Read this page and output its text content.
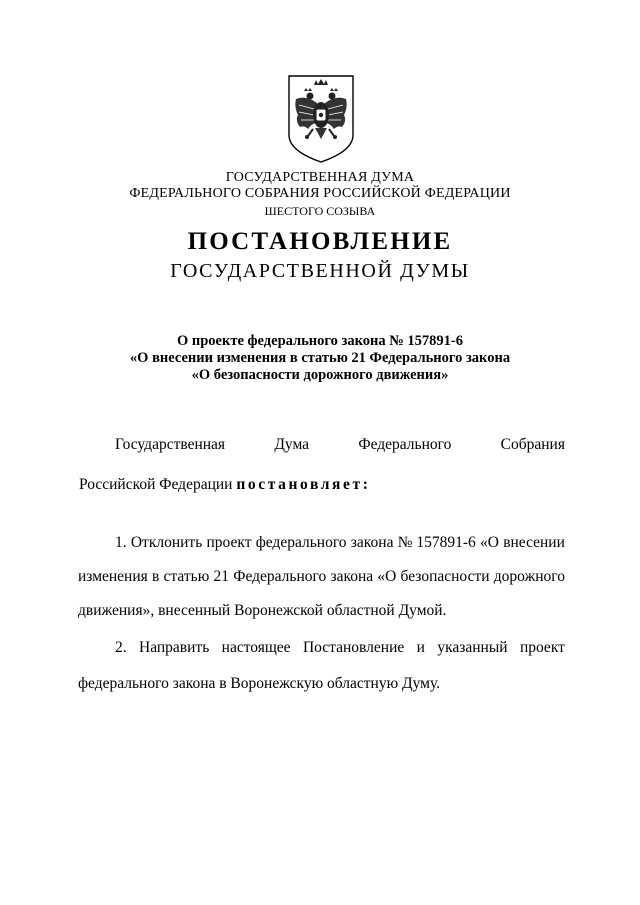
ГОСУДАРСТВЕННАЯ ДУМА
ФЕДЕРАЛЬНОГО СОБРАНИЯ РОССИЙСКОЙ ФЕДЕРАЦИИ
ШЕСТОГО СОЗЫВА
ПОСТАНОВЛЕНИЕ
ГОСУДАРСТВЕННОЙ ДУМЫ
О проекте федерального закона № 157891-6
«О внесении изменения в статью 21 Федерального закона
«О безопасности дорожного движения»
Государственная	Дума	Федерального	Собрания
Российской Федерации постановляет:
1. Отклонить проект федерального закона № 157891-6 «О внесении
изменения в статью 21 Федерального закона «О безопасности дорожного
движения», внесенный Воронежской областной Думой.
2. Направить настоящее Постановление и указанный проект
федерального закона в Воронежскую областную Думу.
